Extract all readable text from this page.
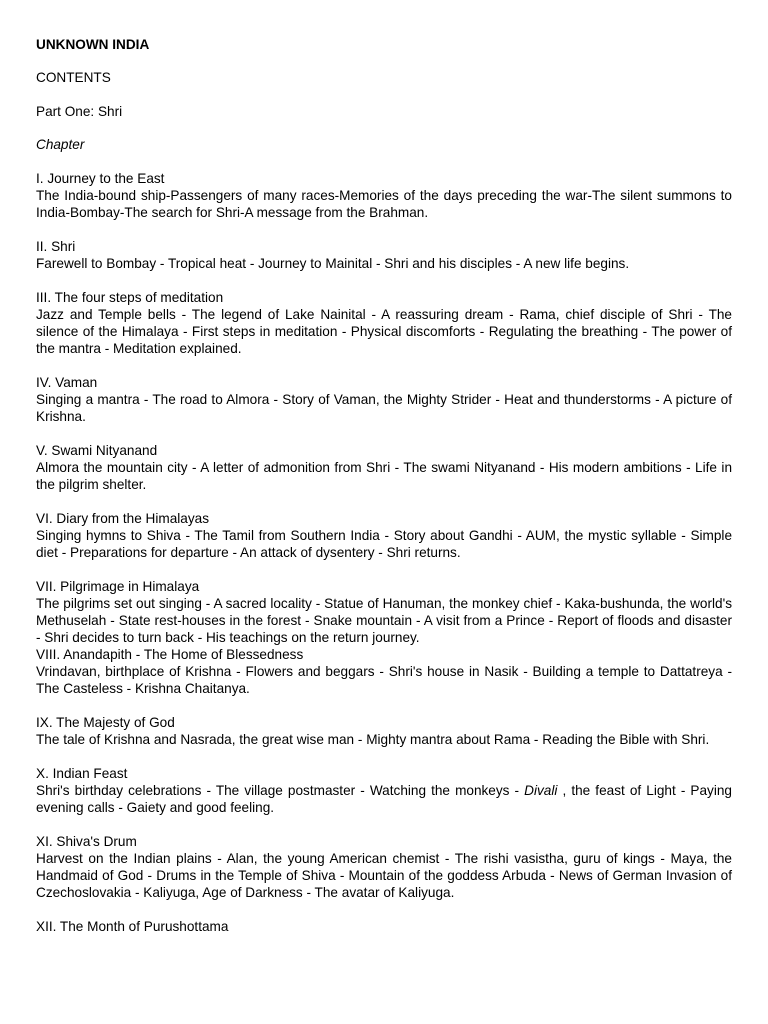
UNKNOWN INDIA

CONTENTS

Part One: Shri

Chapter

I. Journey to the East
The India-bound ship-Passengers of many races-Memories of the days preceding the war-The silent summons to India-Bombay-The search for Shri-A message from the Brahman.
II. Shri
Farewell to Bombay - Tropical heat - Journey to Mainital - Shri and his disciples - A new life begins.
III. The four steps of meditation
Jazz and Temple bells - The legend of Lake Nainital - A reassuring dream - Rama, chief disciple of Shri - The silence of the Himalaya - First steps in meditation - Physical discomforts - Regulating the breathing - The power of the mantra - Meditation explained.
IV. Vaman
Singing a mantra - The road to Almora - Story of Vaman, the Mighty Strider - Heat and thunderstorms - A picture of Krishna.
V. Swami Nityanand
Almora the mountain city - A letter of admonition from Shri - The swami Nityanand - His modern ambitions - Life in the pilgrim shelter.
VI. Diary from the Himalayas
Singing hymns to Shiva - The Tamil from Southern India - Story about Gandhi - AUM, the mystic syllable - Simple diet - Preparations for departure - An attack of dysentery - Shri returns.
VII. Pilgrimage in Himalaya
The pilgrims set out singing - A sacred locality - Statue of Hanuman, the monkey chief - Kaka-bushunda, the world's Methuselah - State rest-houses in the forest - Snake mountain - A visit from a Prince - Report of floods and disaster - Shri decides to turn back - His teachings on the return journey.
VIII. Anandapith - The Home of Blessedness
Vrindavan, birthplace of Krishna - Flowers and beggars - Shri's house in Nasik - Building a temple to Dattatreya - The Casteless - Krishna Chaitanya.
IX. The Majesty of God
The tale of Krishna and Nasrada, the great wise man - Mighty mantra about Rama - Reading the Bible with Shri.
X. Indian Feast
Shri's birthday celebrations - The village postmaster - Watching the monkeys - Divali , the feast of Light - Paying evening calls - Gaiety and good feeling.
XI. Shiva's Drum
Harvest on the Indian plains - Alan, the young American chemist - The rishi vasistha, guru of kings - Maya, the Handmaid of God - Drums in the Temple of Shiva - Mountain of the goddess Arbuda - News of German Invasion of Czechoslovakia - Kaliyuga, Age of Darkness - The avatar of Kaliyuga.
XII. The Month of Purushottama
